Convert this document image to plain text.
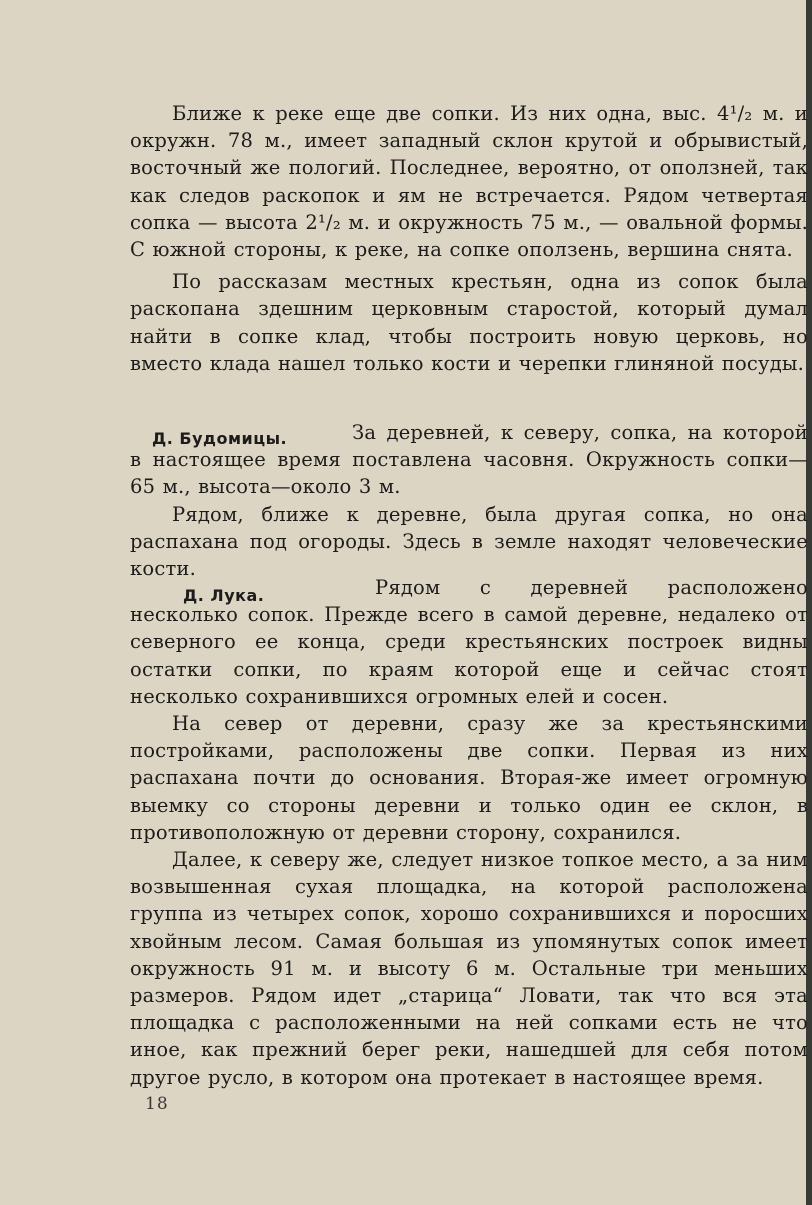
Ближе к реке еще две сопки. Из них одна, выс. 4¹/₂ м. и окружн. 78 м., имеет западный склон крутой и обрывистый, восточный же пологий. Последнее, вероятно, от оползней, так как следов раскопок и ям не встречается. Рядом четвертая сопка — высота 2¹/₂ м. и окружность 75 м., — овальной формы. С южной стороны, к реке, на сопке оползень, вершина снята.

По рассказам местных крестьян, одна из сопок была раскопана здешним церковным старостой, который думал найти в сопке клад, чтобы построить новую церковь, но вместо клада нашел только кости и черепки глиняной посуды.

Д. Будомицы.	За деревней, к северу, сопка, на которой в настоящее время поставлена часовня. Окружность сопки—65 м., высота—около 3 м.

Рядом, ближе к деревне, была другая сопка, но она распахана под огороды. Здесь в земле находят человеческие кости.

Д. Лука.	Рядом с деревней расположено несколько сопок. Прежде всего в самой деревне, недалеко от северного ее конца, среди крестьянских построек видны остатки сопки, по краям которой еще и сейчас стоят несколько сохранившихся огромных елей и сосен.

На север от деревни, сразу же за крестьянскими постройками, расположены две сопки. Первая из них распахана почти до основания. Вторая-же имеет огромную выемку со стороны деревни и только один ее склон, в противоположную от деревни сторону, сохранился.

Далее, к северу же, следует низкое топкое место, а за ним возвышенная сухая площадка, на которой расположена группа из четырех сопок, хорошо сохранившихся и поросших хвойным лесом. Самая большая из упомянутых сопок имеет окружность 91 м. и высоту 6 м. Остальные три меньших размеров. Рядом идет „старица“ Ловати, так что вся эта площадка с расположенными на ней сопками есть не что иное, как прежний берег реки, нашедшей для себя потом другое русло, в котором она протекает в настоящее время.

18
